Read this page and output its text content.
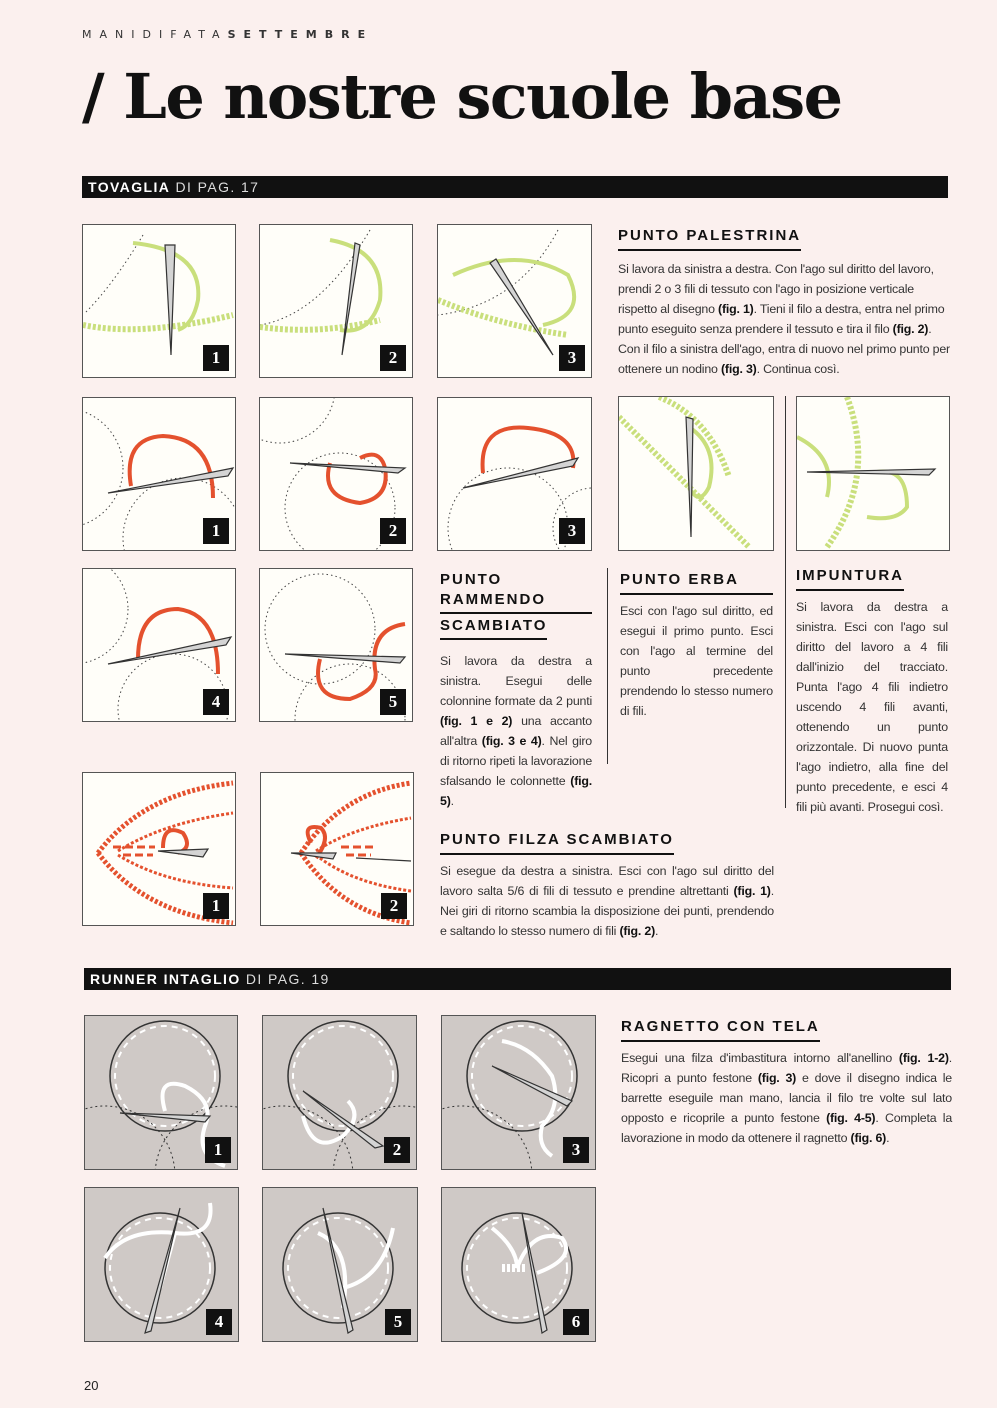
MANIDIFATASETTEMBRE
/ Le nostre scuole base
TOVAGLIA DI PAG. 17
1	2	3
PUNTO PALESTRINA
Si lavora da sinistra a destra. Con l'ago sul diritto del lavoro, prendi 2 o 3 fili di tessuto con l'ago in posizione verticale rispetto al disegno (fig. 1). Tieni il filo a destra, entra nel primo punto eseguito senza prendere il tessuto e tira il filo (fig. 2). Con il filo a sinistra dell'ago, entra di nuovo nel primo punto per ottenere un nodino (fig. 3). Continua così.
1	2	3
4	5
PUNTO RAMMENDO
SCAMBIATO
Si lavora da destra a sinistra. Esegui delle colonnine formate da 2 punti (fig. 1 e 2) una accanto all'altra (fig. 3 e 4). Nel giro di ritorno ripeti la lavorazione sfalsando le colonnette (fig. 5).
PUNTO ERBA
Esci con l'ago sul diritto, ed esegui il primo punto. Esci con l'ago al termine del punto precedente prendendo lo stesso numero di fili.
IMPUNTURA
Si lavora da destra a sinistra. Esci con l'ago sul diritto del lavoro a 4 fili dall'inizio del tracciato. Punta l'ago 4 fili indietro uscendo 4 fili avanti, ottenendo un punto orizzontale. Di nuovo punta l'ago indietro, alla fine del punto precedente, e esci 4 fili più avanti. Prosegui così.
1	2
PUNTO FILZA SCAMBIATO
Si esegue da destra a sinistra. Esci con l'ago sul diritto del lavoro salta 5/6 di fili di tessuto e prendine altrettanti (fig. 1). Nei giri di ritorno scambia la disposizione dei punti, prendendo e saltando lo stesso numero di fili (fig. 2).
RUNNER INTAGLIO DI PAG. 19
1	2	3
RAGNETTO CON TELA
Esegui una filza d'imbastitura intorno all'anellino (fig. 1-2). Ricopri a punto festone (fig. 3) e dove il disegno indica le barrette eseguile man mano, lancia il filo tre volte sul lato opposto e ricoprile a punto festone (fig. 4-5). Completa la lavorazione in modo da ottenere il ragnetto (fig. 6).
4	5	6
20
